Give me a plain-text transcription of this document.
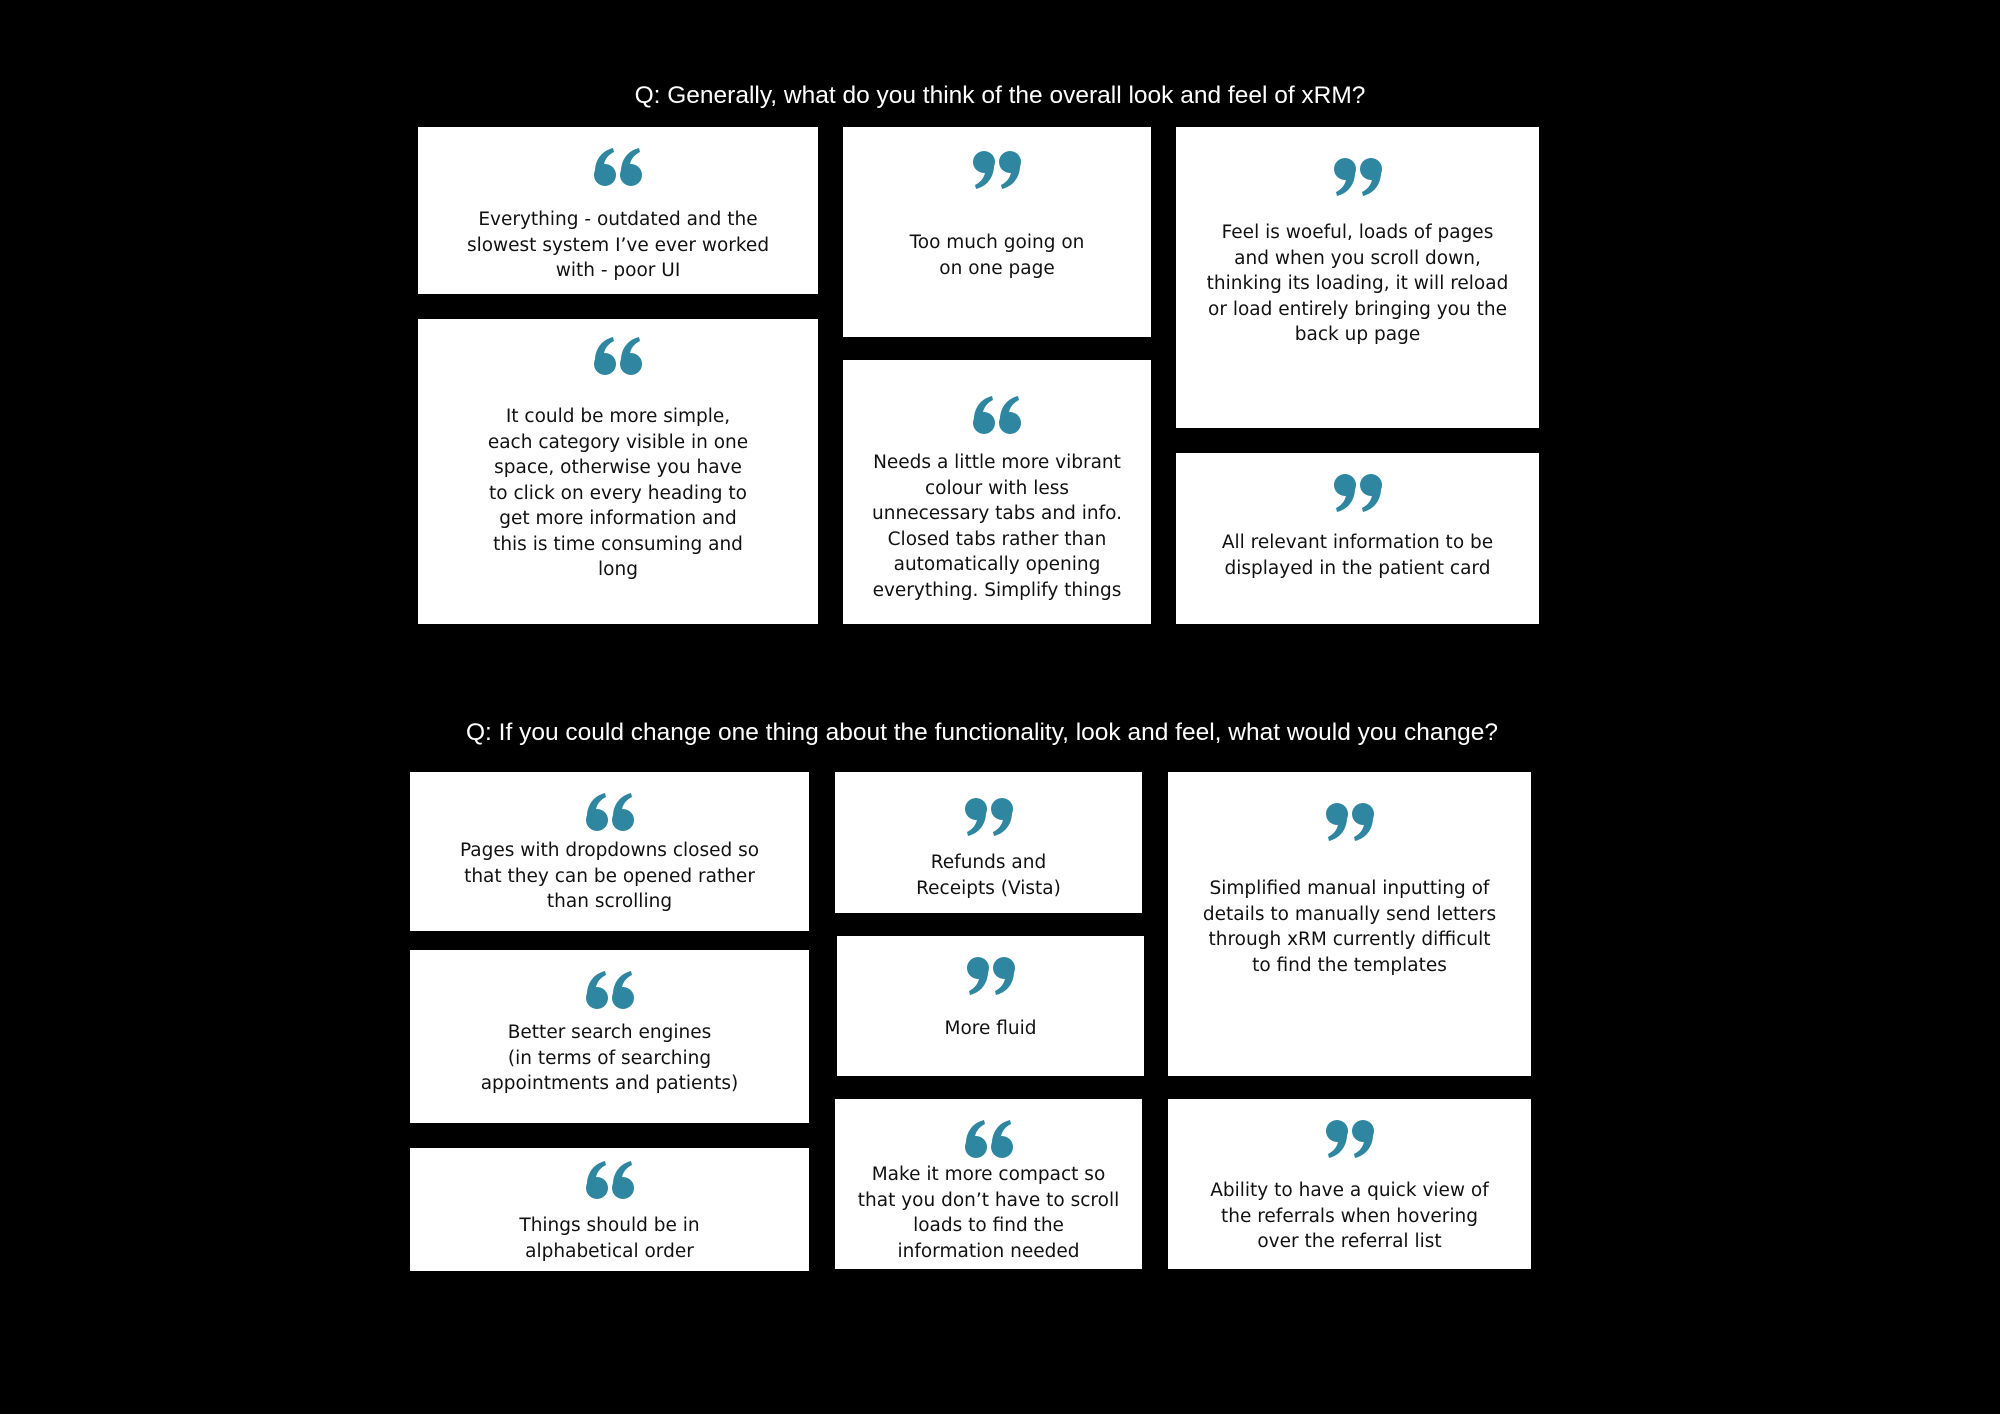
Q: Generally, what do you think of the overall look and feel of xRM?
Q: If you could change one thing about the functionality, look and feel, what would you change?
Everything - outdated and the
slowest system I’ve ever worked
with - poor UI
Too much going on
on one page
Feel is woeful, loads of pages
and when you scroll down,
thinking its loading, it will reload
or load entirely bringing you the
back up page
It could be more simple,
each category visible in one
space, otherwise you have
to click on every heading to
get more information and
this is time consuming and
long
Needs a little more vibrant
colour with less
unnecessary tabs and info.
Closed tabs rather than
automatically opening
everything. Simplify things
All relevant information to be
displayed in the patient card
Pages with dropdowns closed so
that they can be opened rather
than scrolling
Refunds and
Receipts (Vista)	Simplified manual inputting of
details to manually send letters
through xRM currently difficult
to find the templates
Better search engines
(in terms of searching
appointments and patients)
More fluid
Things should be in
alphabetical order
Make it more compact so
that you don’t have to scroll
loads to find the
information needed
Ability to have a quick view of
the referrals when hovering
over the referral list
